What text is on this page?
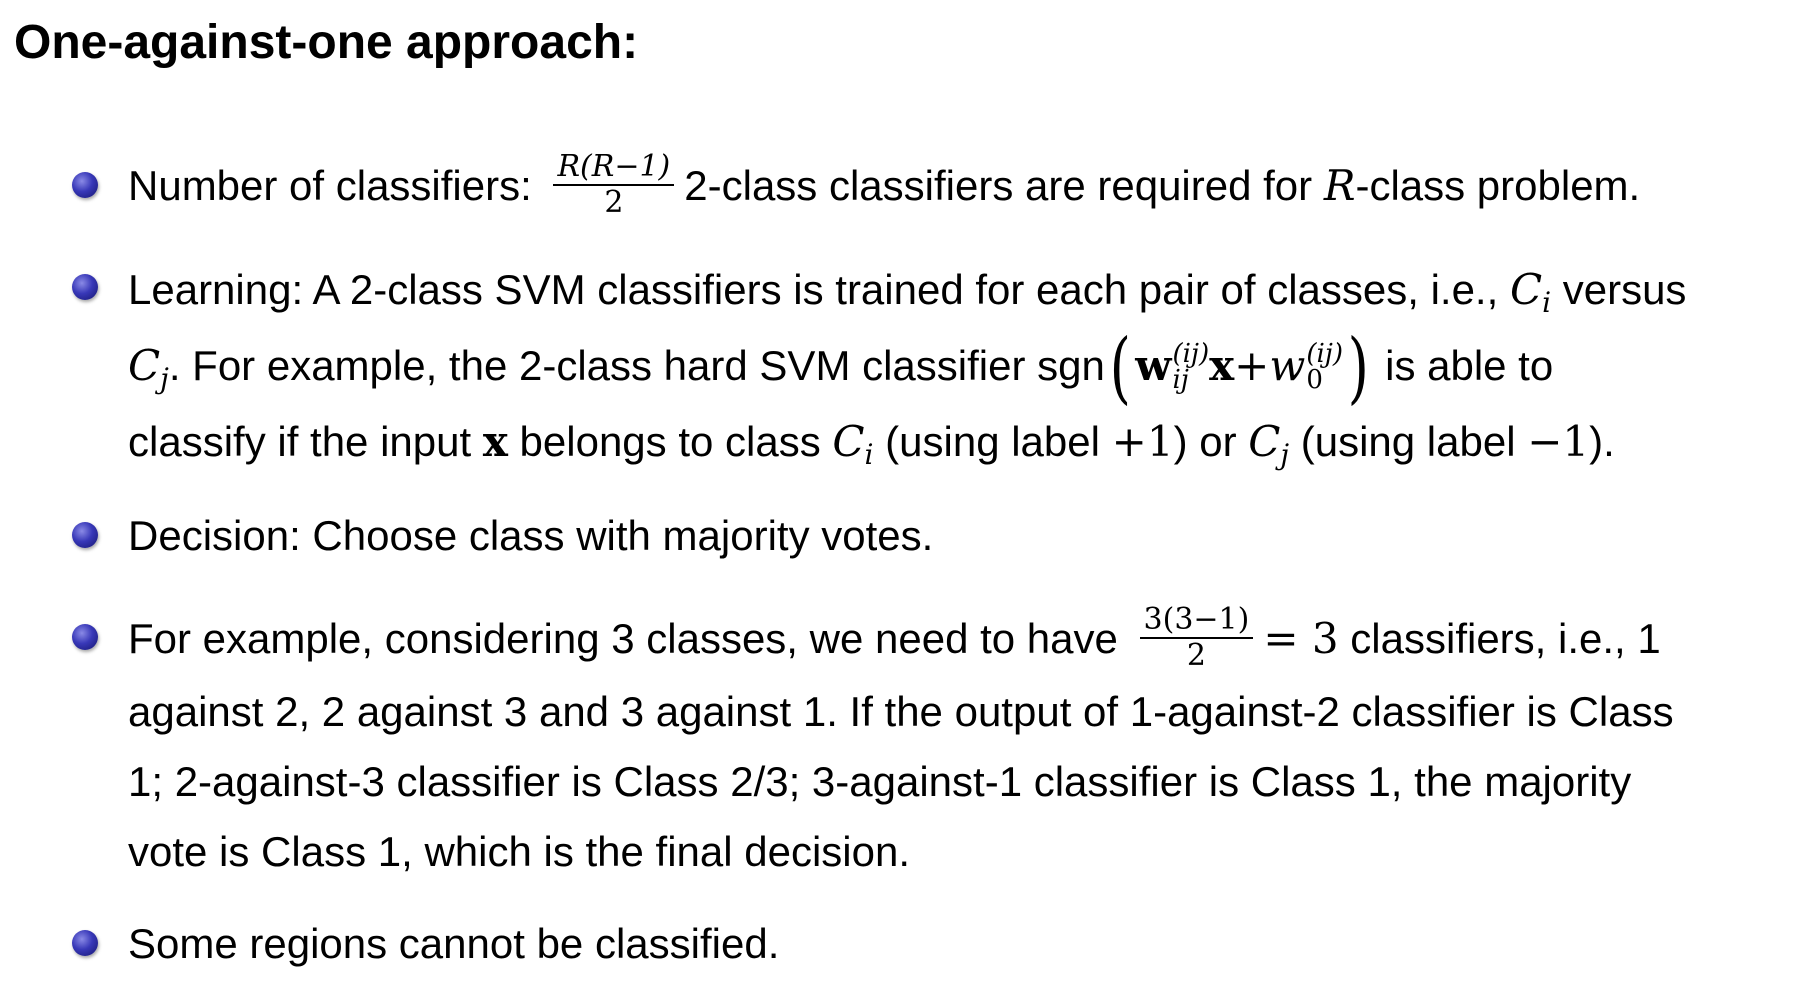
One-against-one approach:
Number of classifiers: $\frac{R(R-1)}{2}$ 2-class classifiers are required for R-class problem.
Learning: A 2-class SVM classifiers is trained for each pair of classes, i.e., $C_i$ versus
$C_j$. For example, the 2-class hard SVM classifier sgn( w (ij)
ij x+w (ij)
0 ) is able to
classify if the input x belongs to class $C_i$ (using label +1) or $C_j$ (using label −1).
Decision: Choose class with majority votes.
For example, considering 3 classes, we need to have $\frac{3(3-1)}{2} = 3$ classifiers, i.e., 1
against 2, 2 against 3 and 3 against 1. If the output of 1-against-2 classifier is Class
1; 2-against-3 classifier is Class 2/3; 3-against-1 classifier is Class 1, the majority
vote is Class 1, which is the final decision.
Some regions cannot be classified.
